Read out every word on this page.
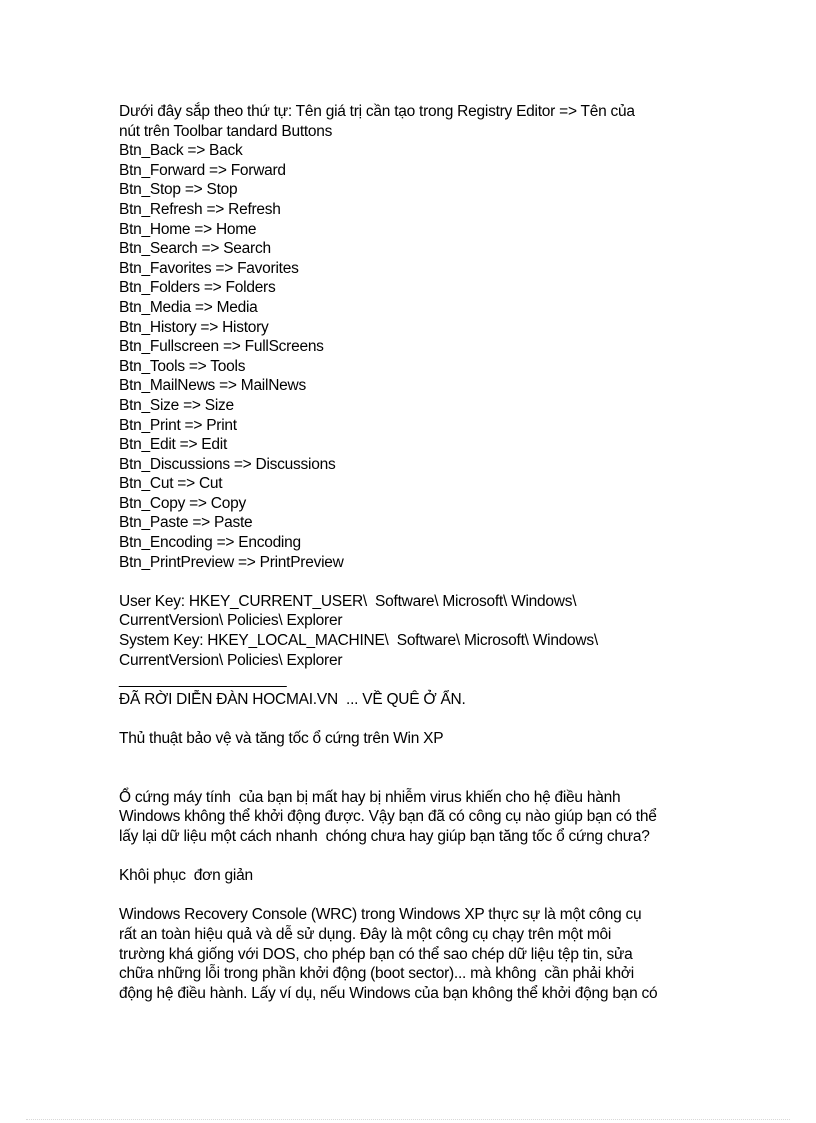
Dưới đây sắp theo thứ tự: Tên giá trị cần tạo trong Registry Editor => Tên của
nút trên Toolbar tandard Buttons
Btn_Back => Back
Btn_Forward => Forward
Btn_Stop => Stop
Btn_Refresh => Refresh
Btn_Home => Home
Btn_Search => Search
Btn_Favorites => Favorites
Btn_Folders => Folders
Btn_Media => Media
Btn_History => History
Btn_Fullscreen => FullScreens
Btn_Tools => Tools
Btn_MailNews => MailNews
Btn_Size => Size
Btn_Print => Print
Btn_Edit => Edit
Btn_Discussions => Discussions
Btn_Cut => Cut
Btn_Copy => Copy
Btn_Paste => Paste
Btn_Encoding => Encoding
Btn_PrintPreview => PrintPreview
User Key: HKEY_CURRENT_USER\  Software\ Microsoft\ Windows\
CurrentVersion\ Policies\ Explorer
System Key: HKEY_LOCAL_MACHINE\  Software\ Microsoft\ Windows\
CurrentVersion\ Policies\ Explorer
____________________
ĐÃ RỜI DIỄN ĐÀN HOCMAI.VN  ... VỀ QUÊ Ở ẨN.
Thủ thuật bảo vệ và tăng tốc ổ cứng trên Win XP
Ổ cứng máy tính  của bạn bị mất hay bị nhiễm virus khiến cho hệ điều hành
Windows không thể khởi động được. Vậy bạn đã có công cụ nào giúp bạn có thể
lấy lại dữ liệu một cách nhanh  chóng chưa hay giúp bạn tăng tốc ổ cứng chưa?
Khôi phục  đơn giản
Windows Recovery Console (WRC) trong Windows XP thực sự là một công cụ
rất an toàn hiệu quả và dễ sử dụng. Đây là một công cụ chạy trên một môi
trường khá giống với DOS, cho phép bạn có thể sao chép dữ liệu tệp tin, sửa
chữa những lỗi trong phần khởi động (boot sector)... mà không  cần phải khởi
động hệ điều hành. Lấy ví dụ, nếu Windows của bạn không thể khởi động bạn có
